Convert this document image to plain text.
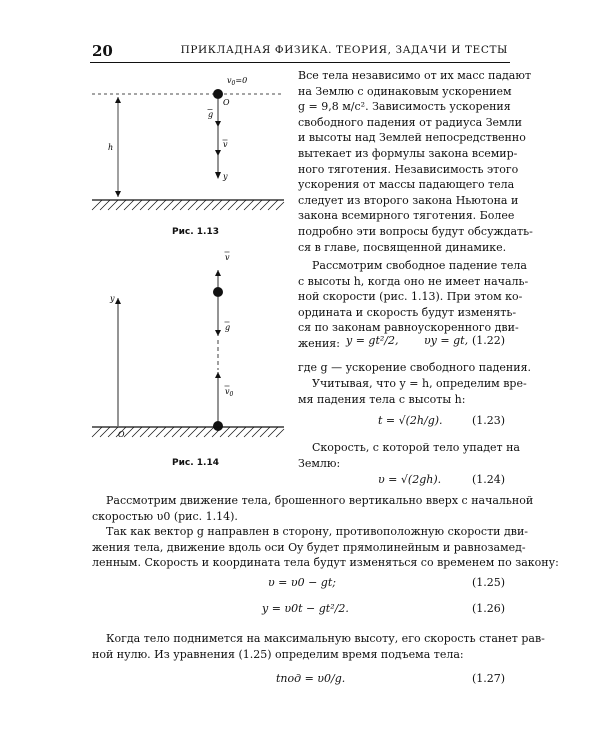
20	ПРИКЛАДНАЯ ФИЗИКА. ТЕОРИЯ, ЗАДАЧИ И ТЕСТЫ
$v_0=0$
O
g
v
y
h
Рис. 1.13
v
g
$v_0$
y
O
Рис. 1.14
Все тела независимо от их масс падают
на Землю с одинаковым ускорением
g = 9,8 м/с². Зависимость ускорения
свободного падения от радиуса Земли
и высоты над Землей непосредственно
вытекает из формулы закона всемир-
ного тяготения. Независимость этого
ускорения от массы падающего тела
следует из второго закона Ньютона и
закона всемирного тяготения. Более
подробно эти вопросы будут обсуждать-
ся в главе, посвященной динамике.
Рассмотрим свободное падение тела
с высоты h, когда оно не имеет началь-
ной скорости (рис. 1.13). При этом ко-
ордината и скорость будут изменять-
ся по законам равноускоренного дви-
жения: y = gt²/2, υy = gt, (1.22)
где g — ускорение свободного падения.
Учитывая, что y = h, определим вре-
мя падения тела с высоты h:
t = √(2h/g).	(1.23)
Скорость, с которой тело упадет на
Землю:
υ = √(2gh).	(1.24)
Рассмотрим движение тела, брошенного вертикально вверх с начальной
скоростью υ0 (рис. 1.14).
Так как вектор g направлен в сторону, противоположную скорости дви-
жения тела, движение вдоль оси Oy будет прямолинейным и равнозамед-
ленным. Скорость и координата тела будут изменяться со временем по закону:
υ = υ0 − gt;	(1.25)
y = υ0t − gt²/2.	(1.26)
Когда тело поднимется на максимальную высоту, его скорость станет рав-
ной нулю. Из уравнения (1.25) определим время подъема тела:
tпод = υ0/g.	(1.27)
